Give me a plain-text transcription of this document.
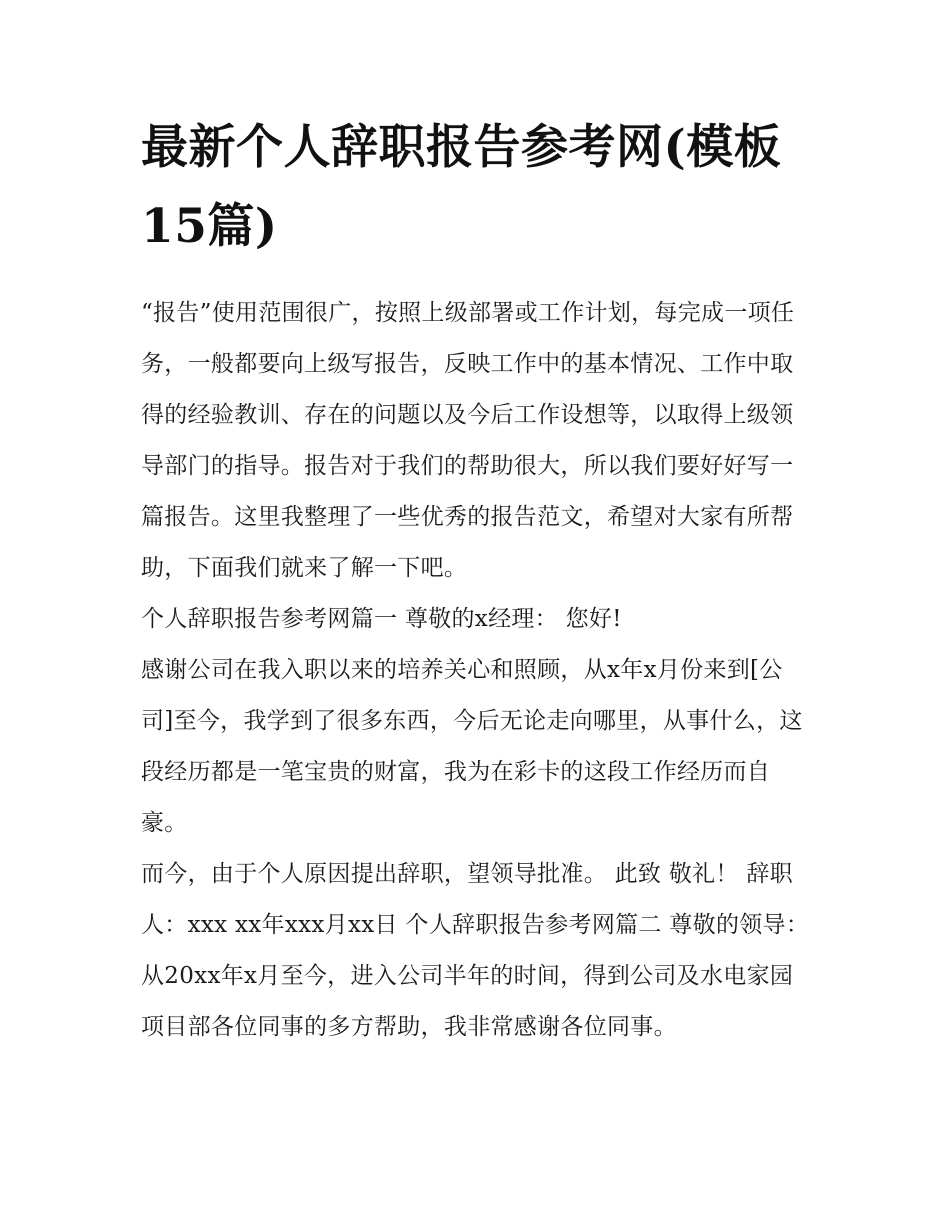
最新个人辞职报告参考网(模板15篇)

“报告”使用范围很广，按照上级部署或工作计划，每完成一项任务，一般都要向上级写报告，反映工作中的基本情况、工作中取得的经验教训、存在的问题以及今后工作设想等，以取得上级领导部门的指导。报告对于我们的帮助很大，所以我们要好好写一篇报告。这里我整理了一些优秀的报告范文，希望对大家有所帮助，下面我们就来了解一下吧。

个人辞职报告参考网篇一 尊敬的x经理： 您好!

感谢公司在我入职以来的培养关心和照顾，从x年x月份来到[公司]至今，我学到了很多东西，今后无论走向哪里，从事什么，这段经历都是一笔宝贵的财富，我为在彩卡的这段工作经历而自豪。

而今，由于个人原因提出辞职，望领导批准。 此致 敬礼！ 辞职人：xxx xx年xxx月xx日 个人辞职报告参考网篇二 尊敬的领导：

从20xx年x月至今，进入公司半年的时间，得到公司及水电家园项目部各位同事的多方帮助，我非常感谢各位同事。
